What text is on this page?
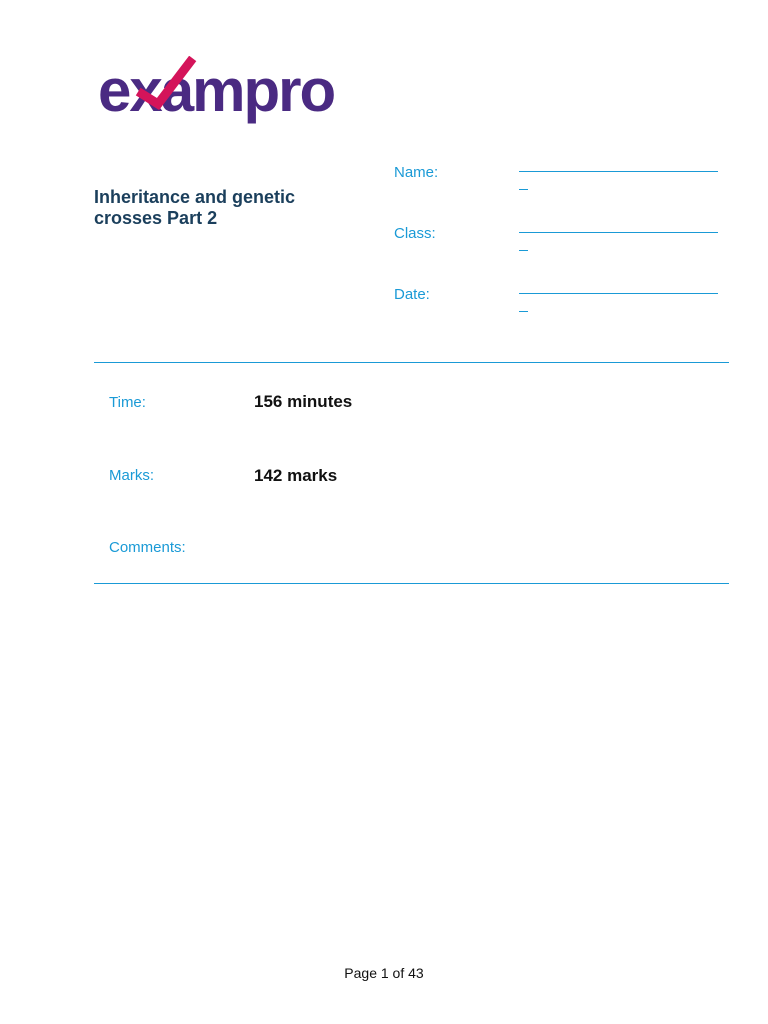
exampro
Inheritance and genetic crosses Part 2
Name:
Class:
Date:
Time:	156 minutes
Marks:	142 marks
Comments:
Page 1 of 43
